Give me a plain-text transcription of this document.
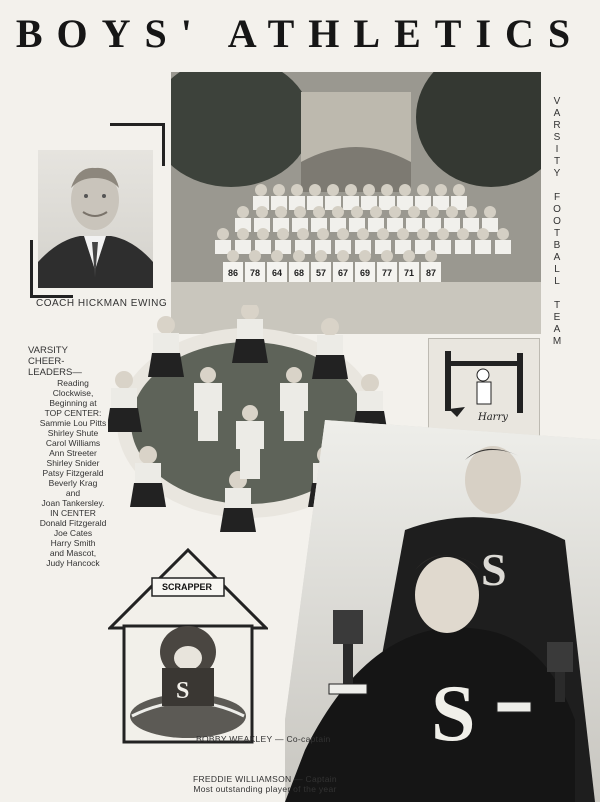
BOYS' ATHLETICS
COACH HICKMAN EWING
86 78 64 68 57 67 69 77 71 87
V
A
R
S
I
T
Y

F
O
O
T
B
A
L
L

T
E
A
M
VARSITY
CHEER-
LEADERS—
Reading
Clockwise,
Beginning at
TOP CENTER:
Sammie Lou Pitts
Shirley Shute
Carol Williams
Ann Streeter
Shirley Snider
Patsy Fitzgerald
Beverly Krag
and
Joan Tankersley.
IN CENTER
Donald Fitzgerald
Joe Cates
Harry Smith
and Mascot,
Judy Hancock
Harry
S
S
S
SCRAPPER
BOBBY WEAKLEY — Co-captain
FREDDIE WILLIAMSON — Captain
Most outstanding player of the year
